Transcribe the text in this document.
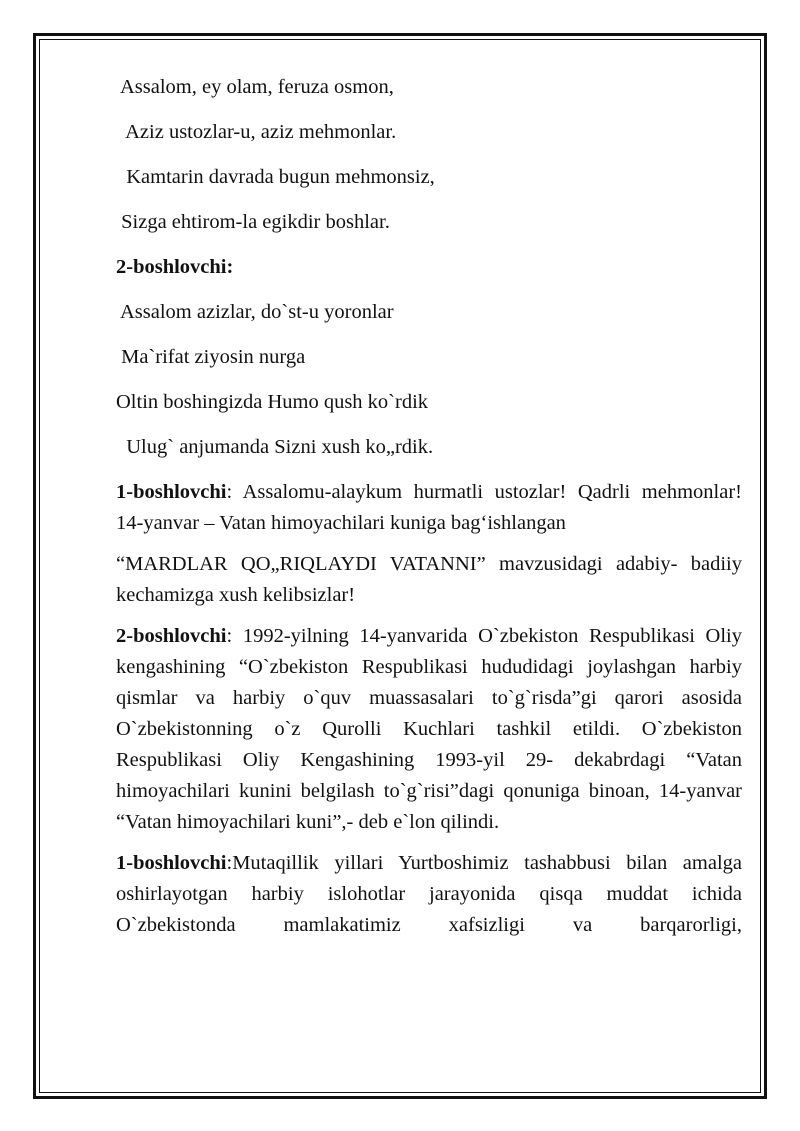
Assalom, ey olam, feruza osmon,

Aziz ustozlar-u, aziz mehmonlar.

Kamtarin davrada bugun mehmonsiz,

Sizga ehtirom-la egikdir boshlar.

2-boshlovchi:

Assalom azizlar, do`st-u yoronlar

Ma`rifat ziyosin nurga

Oltin boshingizda Humo qush ko`rdik

Ulug` anjumanda Sizni xush ko„rdik.

1-boshlovchi: Assalomu-alaykum hurmatli ustozlar! Qadrli mehmonlar! 14-yanvar – Vatan himoyachilari kuniga bag‘ishlangan

“MARDLAR QO„RIQLAYDI VATANNI” mavzusidagi adabiy- badiiy kechamizga xush kelibsizlar!

2-boshlovchi: 1992-yilning 14-yanvarida O`zbekiston Respublikasi Oliy kengashining “O`zbekiston Respublikasi hududidagi joylashgan harbiy qismlar va harbiy o`quv muassasalari to`g`risda”gi qarori asosida O`zbekistonning o`z Qurolli Kuchlari tashkil etildi. O`zbekiston Respublikasi Oliy Kengashining 1993-yil 29- dekabrdagi “Vatan himoyachilari kunini belgilash to`g`risi”dagi qonuniga binoan, 14-yanvar “Vatan himoyachilari kuni”,- deb e`lon qilindi.

1-boshlovchi:Mutaqillik yillari Yurtboshimiz tashabbusi bilan amalga oshirlayotgan harbiy islohotlar jarayonida qisqa muddat ichida O`zbekistonda mamlakatimiz xafsizligi va barqarorligi,
